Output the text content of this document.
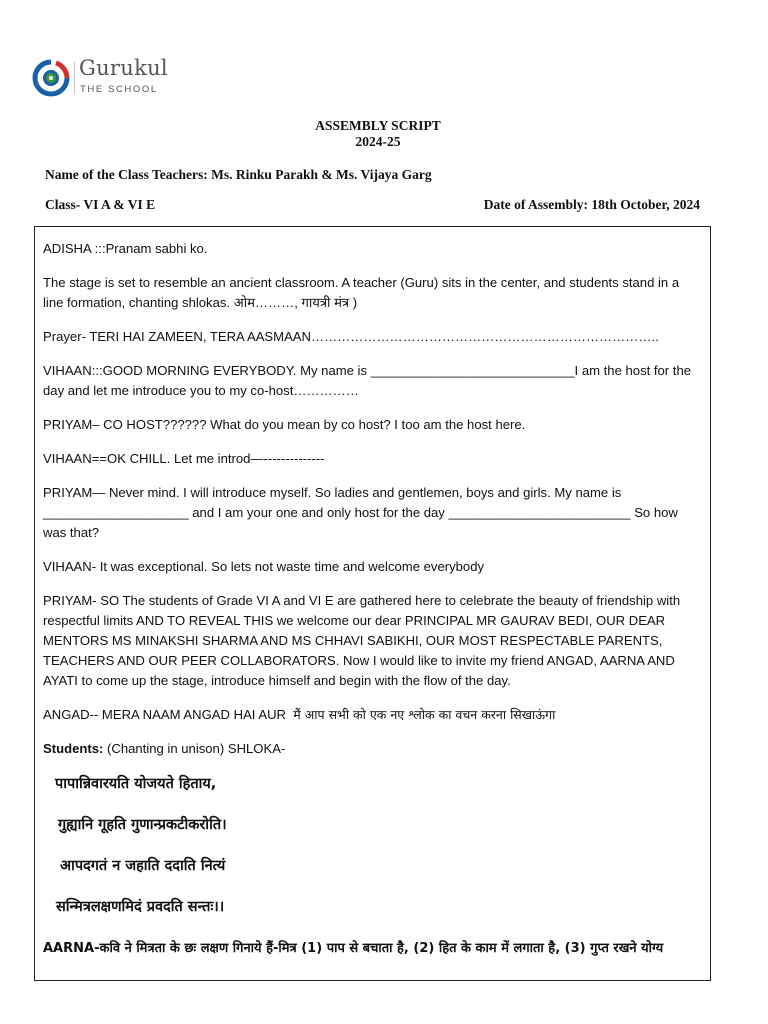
Gurukul
THE SCHOOL
ASSEMBLY SCRIPT
2024-25
Name of the Class Teachers: Ms. Rinku Parakh & Ms. Vijaya Garg
Class- VI A & VI E	Date of Assembly: 18th October, 2024

ADISHA :::Pranam sabhi ko.

The stage is set to resemble an ancient classroom. A teacher (Guru) sits in the center, and students stand in a line formation, chanting shlokas. ओम………, गायत्री मंत्र )

Prayer- TERI HAI ZAMEEN, TERA AASMAAN……………………………………………………………………..

VIHAAN:::GOOD MORNING EVERYBODY. My name is ____________________________I am the host for the day and let me introduce you to my co-host……………

PRIYAM– CO HOST?????? What do you mean by co host? I too am the host here.

VIHAAN==OK CHILL. Let me introd—--------------

PRIYAM— Never mind. I will introduce myself. So ladies and gentlemen, boys and girls. My name is ____________________ and I am your one and only host for the day _________________________ So how was that?

VIHAAN- It was exceptional. So lets not waste time and welcome everybody

PRIYAM- SO The students of Grade VI A and VI E are gathered here to celebrate the beauty of friendship with respectful limits AND TO REVEAL THIS we welcome our dear PRINCIPAL MR GAURAV BEDI, OUR DEAR MENTORS MS MINAKSHI SHARMA AND MS CHHAVI SABIKHI, OUR MOST RESPECTABLE PARENTS, TEACHERS AND OUR PEER COLLABORATORS. Now I would like to invite my friend ANGAD, AARNA AND AYATI to come up the stage, introduce himself and begin with the flow of the day.

ANGAD-- MERA NAAM ANGAD HAI AUR मैं आप सभी को एक नए श्लोक का वचन करना सिखाऊंगा

Students: (Chanting in unison) SHLOKA-

पापान्निवारयति योजयते हिताय,

गुह्यानि गूहति गुणान्प्रकटीकरोति।

आपदगतं न जहाति ददाति नित्यं

सन्मित्रलक्षणमिदं प्रवदति सन्तः।।

AARNA-कवि ने मित्रता के छः लक्षण गिनाये हैं-मित्र (1) पाप से बचाता है, (2) हित के काम में लगाता है, (3) गुप्त रखने योग्य
